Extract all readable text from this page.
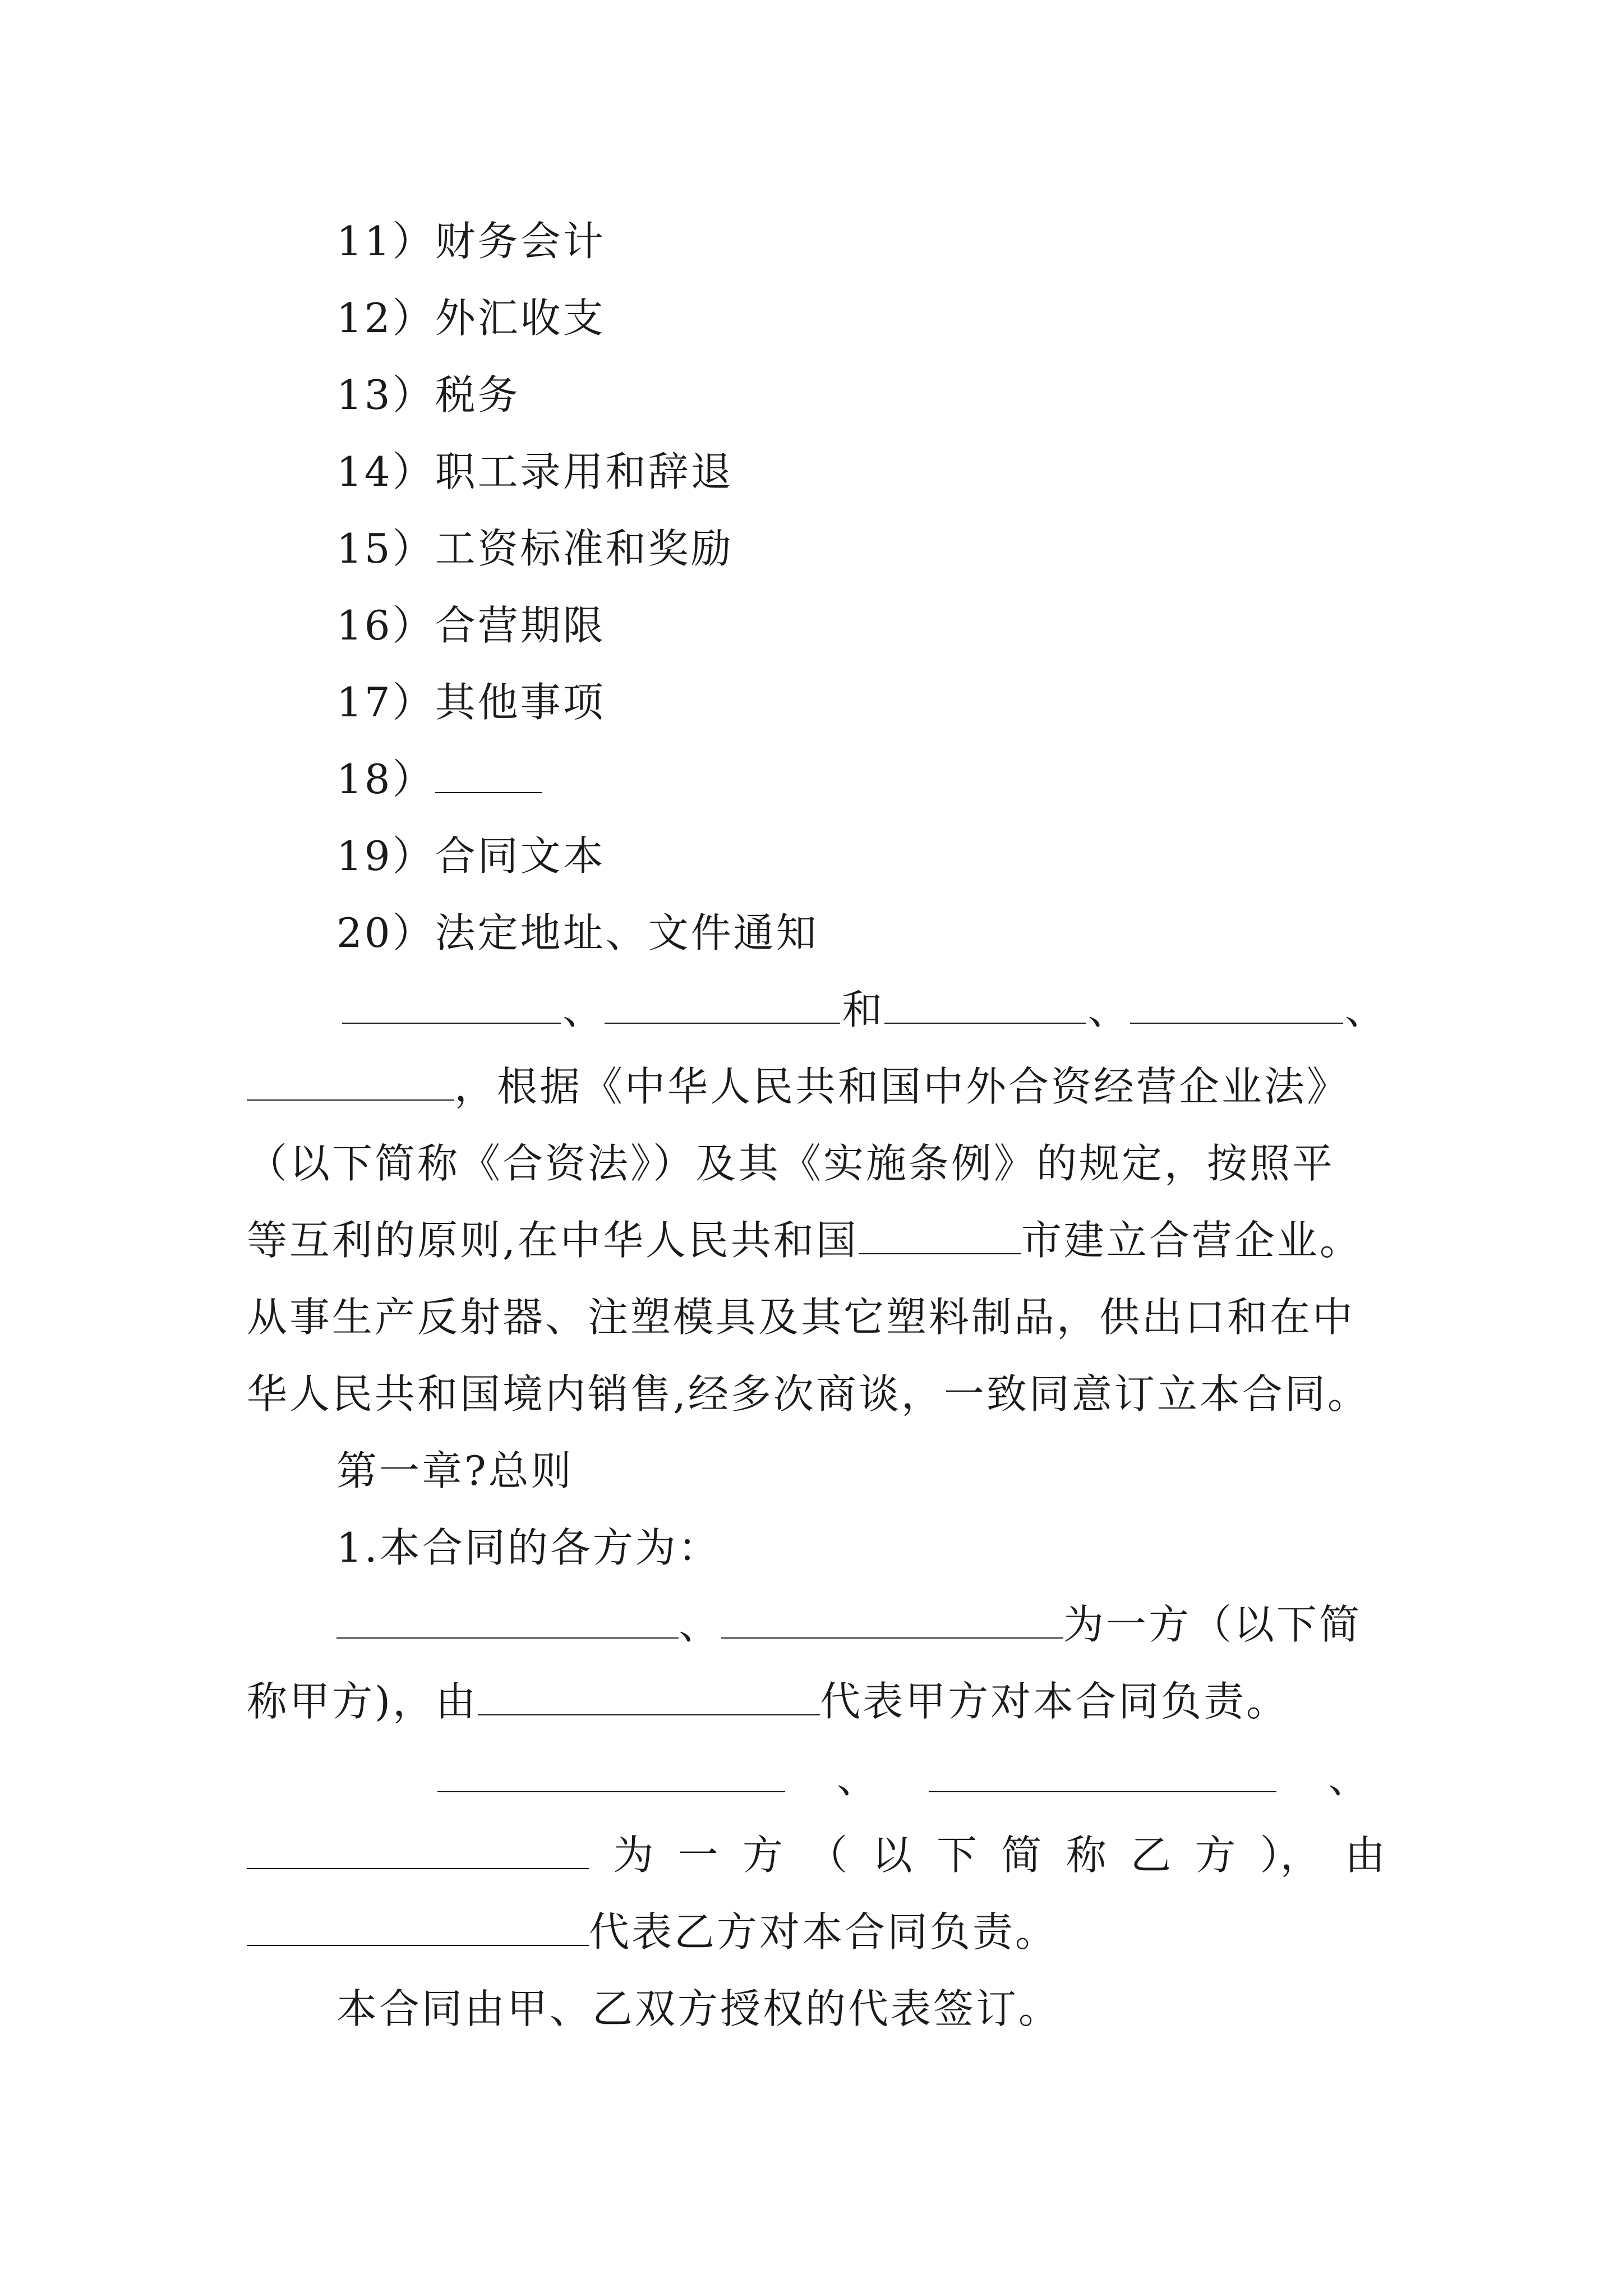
11）财务会计
12）外汇收支
13）税务
14）职工录用和辞退
15）工资标准和奖励
16）合营期限
17）其他事项
18）
19）合同文本
20）法定地址、文件通知
、	和	、	、
，根据《中华人民共和国中外合资经营企业法》
（以下简称《合资法》）及其《实施条例》的规定，按照平
等互利的原则,在中华人民共和国	市建立合营企业。
从事生产反射器、注塑模具及其它塑料制品，供出口和在中
华人民共和国境内销售,经多次商谈，一致同意订立本合同。
第一章?总则
1.本合同的各方为：
、	为一方（以下简
称甲方)，由	代表甲方对本合同负责。
、	、
为 一 方 （ 以 下 简 称 乙 方 ）， 由
代表乙方对本合同负责。
本合同由甲、乙双方授权的代表签订。
